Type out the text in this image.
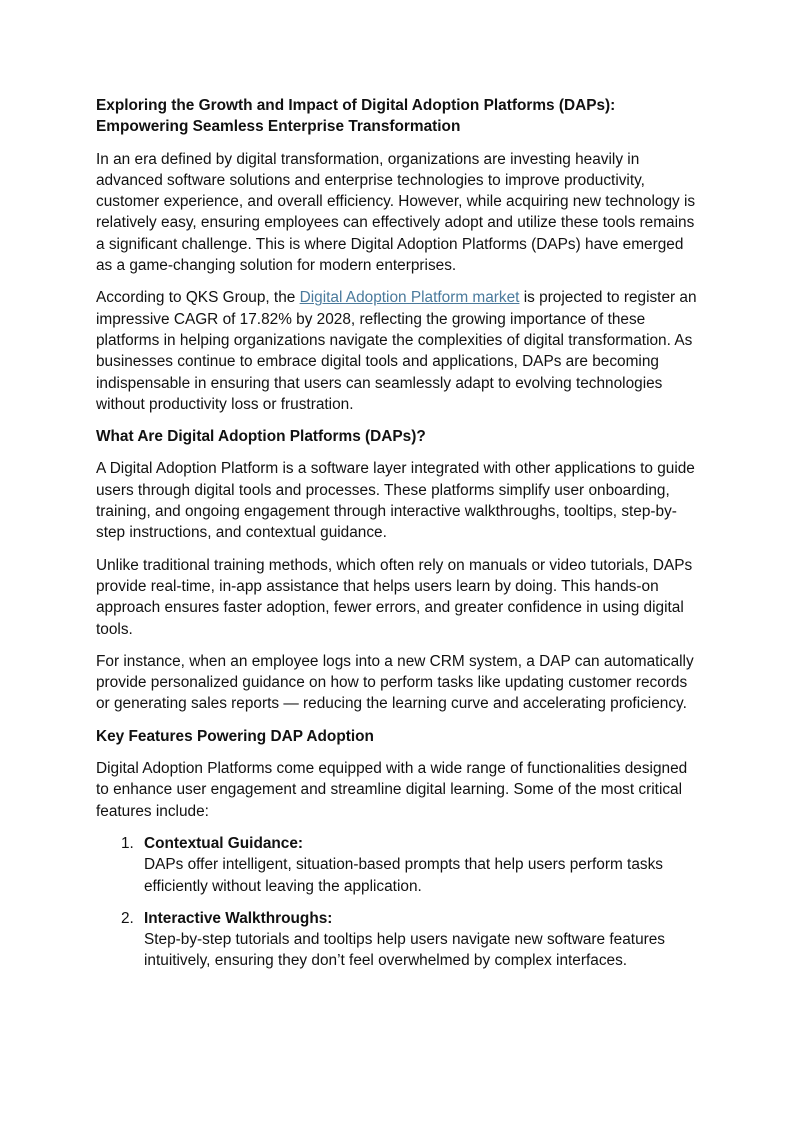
Exploring the Growth and Impact of Digital Adoption Platforms (DAPs): Empowering Seamless Enterprise Transformation

In an era defined by digital transformation, organizations are investing heavily in advanced software solutions and enterprise technologies to improve productivity, customer experience, and overall efficiency. However, while acquiring new technology is relatively easy, ensuring employees can effectively adopt and utilize these tools remains a significant challenge. This is where Digital Adoption Platforms (DAPs) have emerged as a game-changing solution for modern enterprises.

According to QKS Group, the Digital Adoption Platform market is projected to register an impressive CAGR of 17.82% by 2028, reflecting the growing importance of these platforms in helping organizations navigate the complexities of digital transformation. As businesses continue to embrace digital tools and applications, DAPs are becoming indispensable in ensuring that users can seamlessly adapt to evolving technologies without productivity loss or frustration.

What Are Digital Adoption Platforms (DAPs)?

A Digital Adoption Platform is a software layer integrated with other applications to guide users through digital tools and processes. These platforms simplify user onboarding, training, and ongoing engagement through interactive walkthroughs, tooltips, step-by-step instructions, and contextual guidance.

Unlike traditional training methods, which often rely on manuals or video tutorials, DAPs provide real-time, in-app assistance that helps users learn by doing. This hands-on approach ensures faster adoption, fewer errors, and greater confidence in using digital tools.

For instance, when an employee logs into a new CRM system, a DAP can automatically provide personalized guidance on how to perform tasks like updating customer records or generating sales reports — reducing the learning curve and accelerating proficiency.

Key Features Powering DAP Adoption

Digital Adoption Platforms come equipped with a wide range of functionalities designed to enhance user engagement and streamline digital learning. Some of the most critical features include:

1. Contextual Guidance:
DAPs offer intelligent, situation-based prompts that help users perform tasks efficiently without leaving the application.
2. Interactive Walkthroughs:
Step-by-step tutorials and tooltips help users navigate new software features intuitively, ensuring they don’t feel overwhelmed by complex interfaces.
